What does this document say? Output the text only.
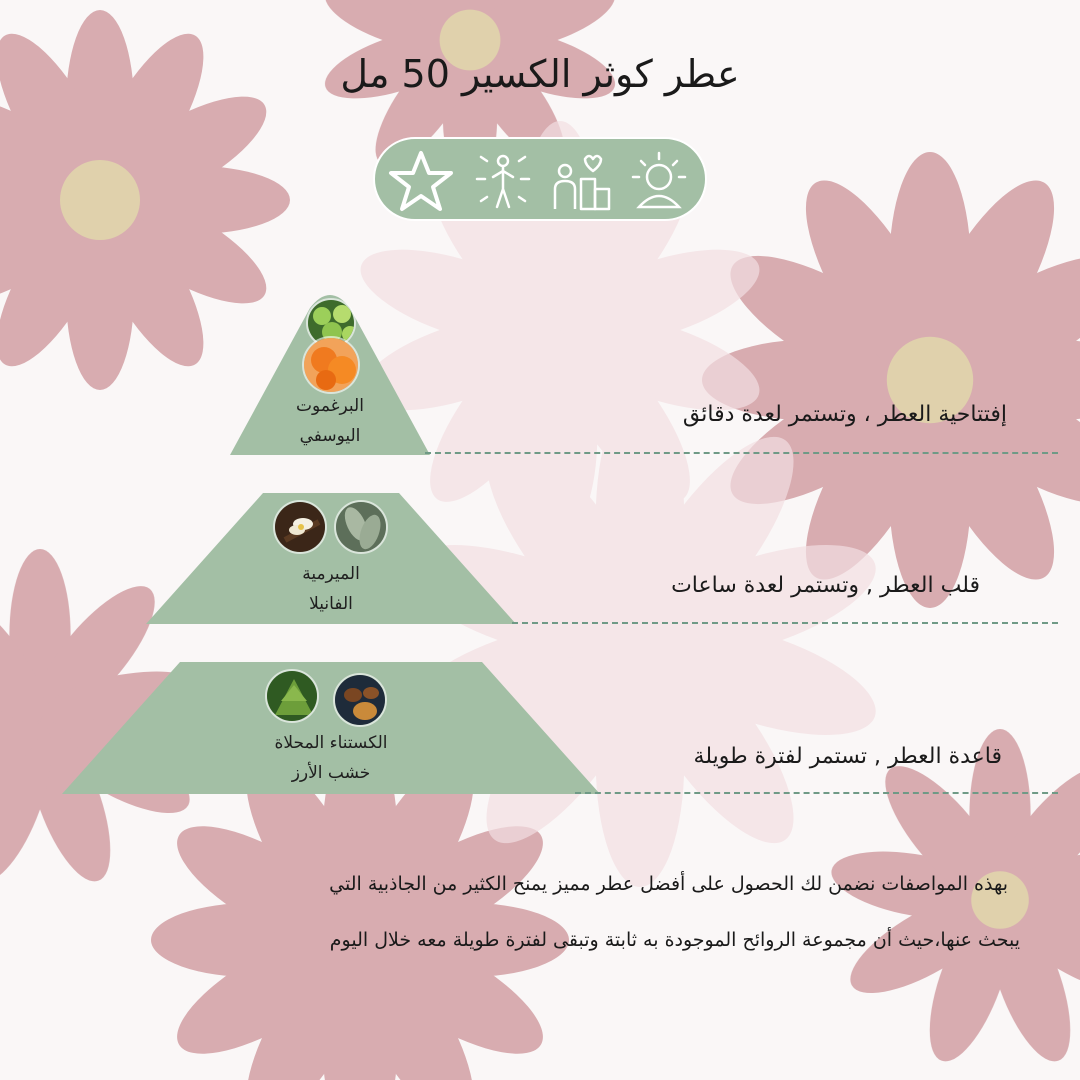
عطر كوثر الكسير 50 مل
البرغموت
اليوسفي
إفتتاحية العطر ، وتستمر لعدة دقائق
الميرمية
الفانيلا
قلب العطر , وتستمر لعدة ساعات
الكستناء المحلاة
خشب الأرز
قاعدة العطر , تستمر لفترة طويلة
بهذه المواصفات نضمن لك الحصول على أفضل عطر مميز يمنح الكثير من الجاذبية التي
يبحث عنها،حيث أن مجموعة الروائح الموجودة به ثابتة وتبقى لفترة طويلة معه خلال اليوم
